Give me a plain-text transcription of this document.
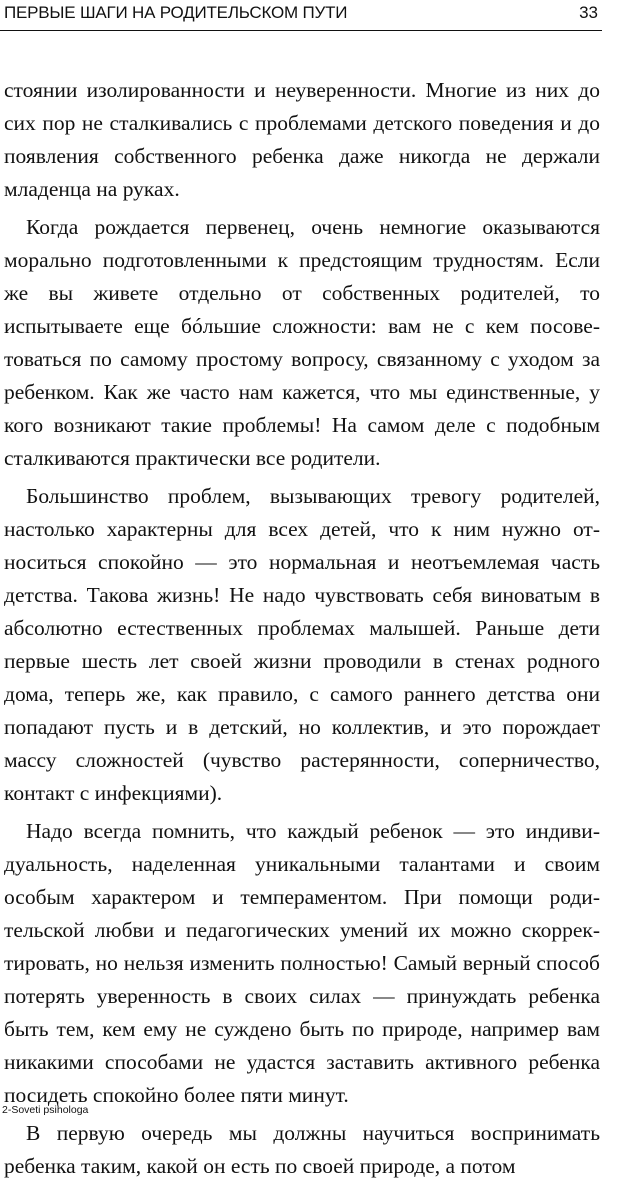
ПЕРВЫЕ ШАГИ НА РОДИТЕЛЬСКОМ ПУТИ	33

стоянии изолированности и неуверенности. Многие из них до сих пор не сталкивались с проблемами детского поведения и до появления собственного ребенка даже никогда не держали младенца на руках.

Когда рождается первенец, очень немногие оказываются морально подготовленными к предстоящим трудностям. Если же вы живете отдельно от собственных родителей, то испытываете еще бóльшие сложности: вам не с кем посоветоваться по самому простому вопросу, связанному с уходом за ребенком. Как же часто нам кажется, что мы единственные, у кого возникают такие проблемы! На самом деле с подобным сталкиваются практически все родители.

Большинство проблем, вызывающих тревогу родителей, настолько характерны для всех детей, что к ним нужно относиться спокойно — это нормальная и неотъемлемая часть детства. Такова жизнь! Не надо чувствовать себя виноватым в абсолютно естественных проблемах малышей. Раньше дети первые шесть лет своей жизни проводили в стенах родного дома, теперь же, как правило, с самого раннего детства они попадают пусть и в детский, но коллектив, и это порождает массу сложностей (чувство растерянности, соперничество, контакт с инфекциями).

Надо всегда помнить, что каждый ребенок — это индивидуальность, наделенная уникальными талантами и своим особым характером и темпераментом. При помощи родительской любви и педагогических умений их можно скорректировать, но нельзя изменить полностью! Самый верный способ потерять уверенность в своих силах — принуждать ребенка быть тем, кем ему не суждено быть по природе, например вам никакими способами не удастся заставить активного ребенка посидеть спокойно более пяти минут.

В первую очередь мы должны научиться воспринимать ребенка таким, какой он есть по своей природе, а потом

2-Soveti psihologa
